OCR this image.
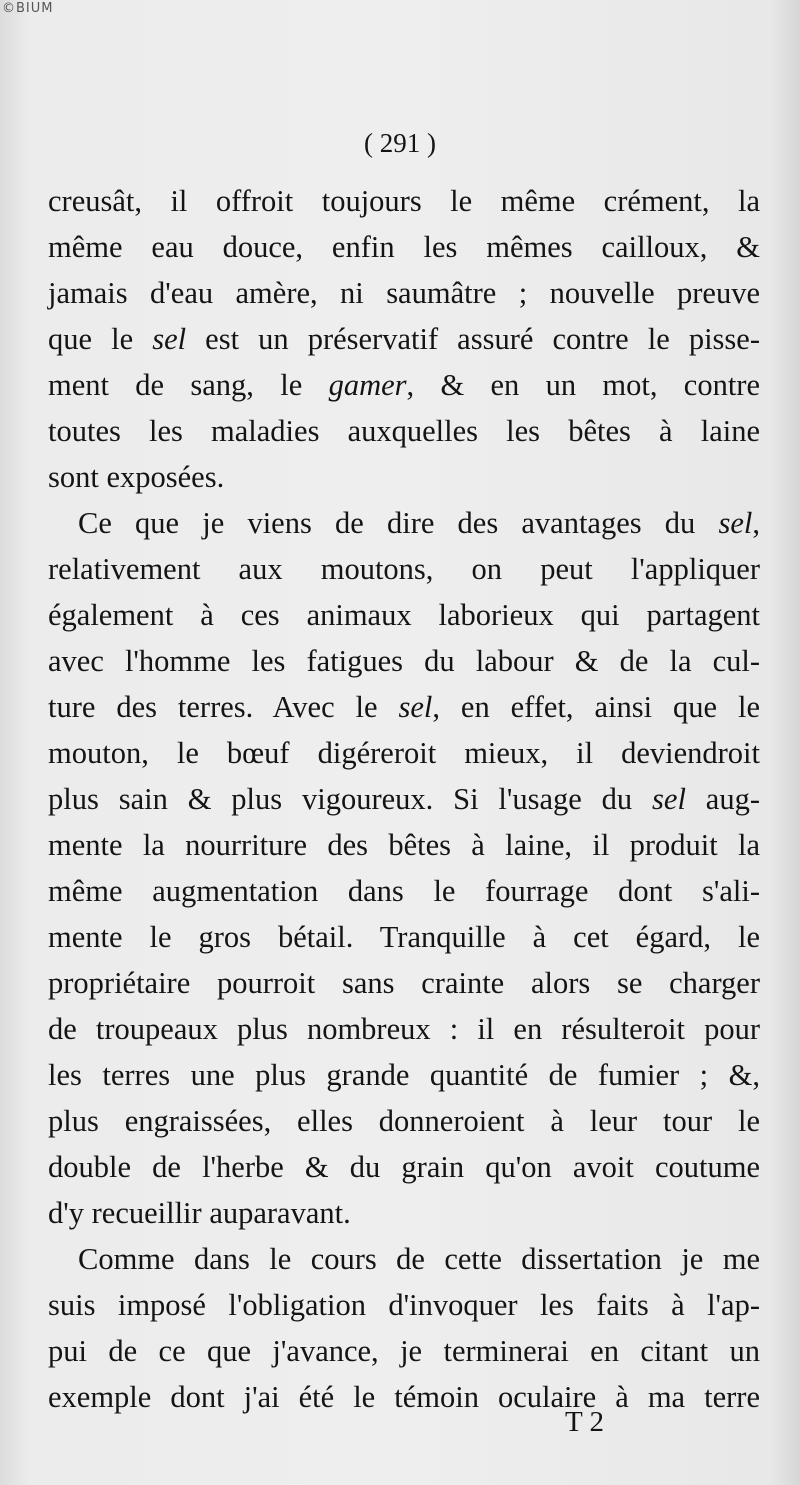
©BIUM
( 291 )
creusât, il offroit toujours le même crément, la
même eau douce, enfin les mêmes cailloux, &
jamais d'eau amère, ni saumâtre ; nouvelle preuve
que le sel est un préservatif assuré contre le pisse-
ment de sang, le gamer, & en un mot, contre
toutes les maladies auxquelles les bêtes à laine
sont exposées.
Ce que je viens de dire des avantages du sel,
relativement aux moutons, on peut l'appliquer
également à ces animaux laborieux qui partagent
avec l'homme les fatigues du labour & de la cul-
ture des terres. Avec le sel, en effet, ainsi que le
mouton, le bœuf digéreroit mieux, il deviendroit
plus sain & plus vigoureux. Si l'usage du sel aug-
mente la nourriture des bêtes à laine, il produit la
même augmentation dans le fourrage dont s'ali-
mente le gros bétail. Tranquille à cet égard, le
propriétaire pourroit sans crainte alors se charger
de troupeaux plus nombreux : il en résulteroit pour
les terres une plus grande quantité de fumier ; &,
plus engraissées, elles donneroient à leur tour le
double de l'herbe & du grain qu'on avoit coutume
d'y recueillir auparavant.
Comme dans le cours de cette dissertation je me
suis imposé l'obligation d'invoquer les faits à l'ap-
pui de ce que j'avance, je terminerai en citant un
exemple dont j'ai été le témoin oculaire à ma terre
T 2
